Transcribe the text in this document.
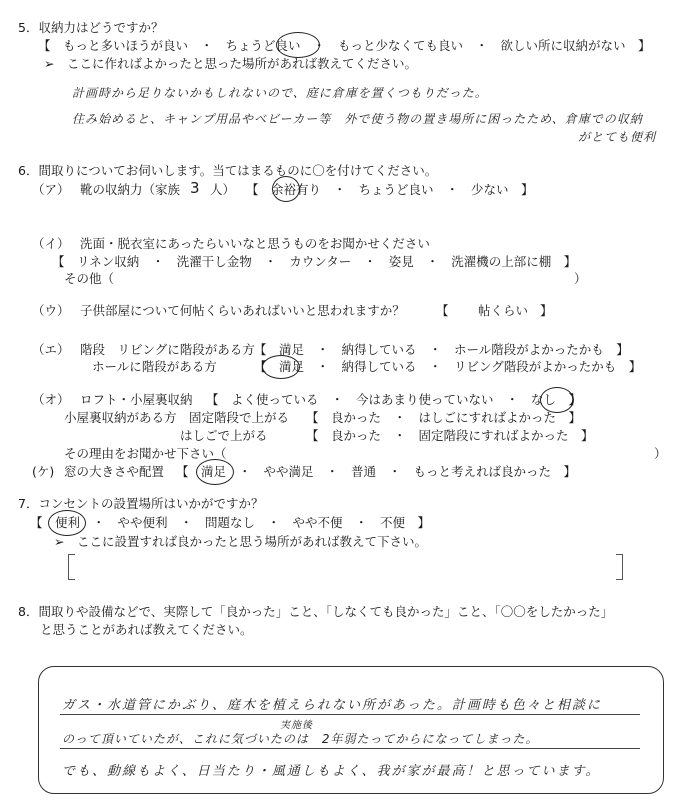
5．収納力はどうですか？
【　もっと多いほうが良い　・　ちょうど良い　・　もっと少なくても良い　・　欲しい所に収納がない　】
➢　ここに作ればよかったと思った場所があれば教えてください。
計画時から足りないかもしれないので、庭に倉庫を置くつもりだった。
住み始めると、キャンプ用品やベビーカー等　外で使う物の置き場所に困ったため、倉庫での収納
がとても便利
6．間取りについてお伺いします。当てはまるものに〇を付けてください。
（ア） 靴の収納力（家族 3 人） 【　余裕有り　・　ちょうど良い　・　少ない　】
（イ） 洗面・脱衣室にあったらいいなと思うものをお聞かせください
【　リネン収納　・　洗濯干し金物　・　カウンター　・　姿見　・　洗濯機の上部に棚　】
その他（	）
（ウ） 子供部屋について何帖くらいあればいいと思われますか？ 【 帖くらい 】
（エ） 階段　リビングに階段がある方 【　満足　・　納得している　・　ホール階段がよかったかも　】
ホールに階段がある方	【　満足　・　納得している　・　リビング階段がよかったかも　】
（オ） ロフト・小屋裏収納 【　よく使っている　・　今はあまり使っていない　・　なし　】
小屋裏収納がある方　固定階段で上がる 【　良かった　・　はしごにすればよかった　】
はしごで上がる	【　良かった　・　固定階段にすればよかった　】
その理由をお聞かせ下さい（	）
(ケ) 窓の大きさや配置 【　満足　・　やや満足　・　普通　・　もっと考えれば良かった　】
7．コンセントの設置場所はいかがですか？
【　便利　・　やや便利　・　問題なし　・　やや不便　・　不便　】
➢　ここに設置すれば良かったと思う場所があれば教えて下さい。
8．間取りや設備などで、実際して「良かった」こと、「しなくても良かった」こと、「〇〇をしたかった」
と思うことがあれば教えてください。
ガス・水道管にかぶり、庭木を植えられない所があった。計画時も色々と相談に
実施後
のって頂いていたが、これに気づいたのは　2年弱たってからになってしまった。
でも、動線もよく、日当たり・風通しもよく、我が家が最高！と思っています。
